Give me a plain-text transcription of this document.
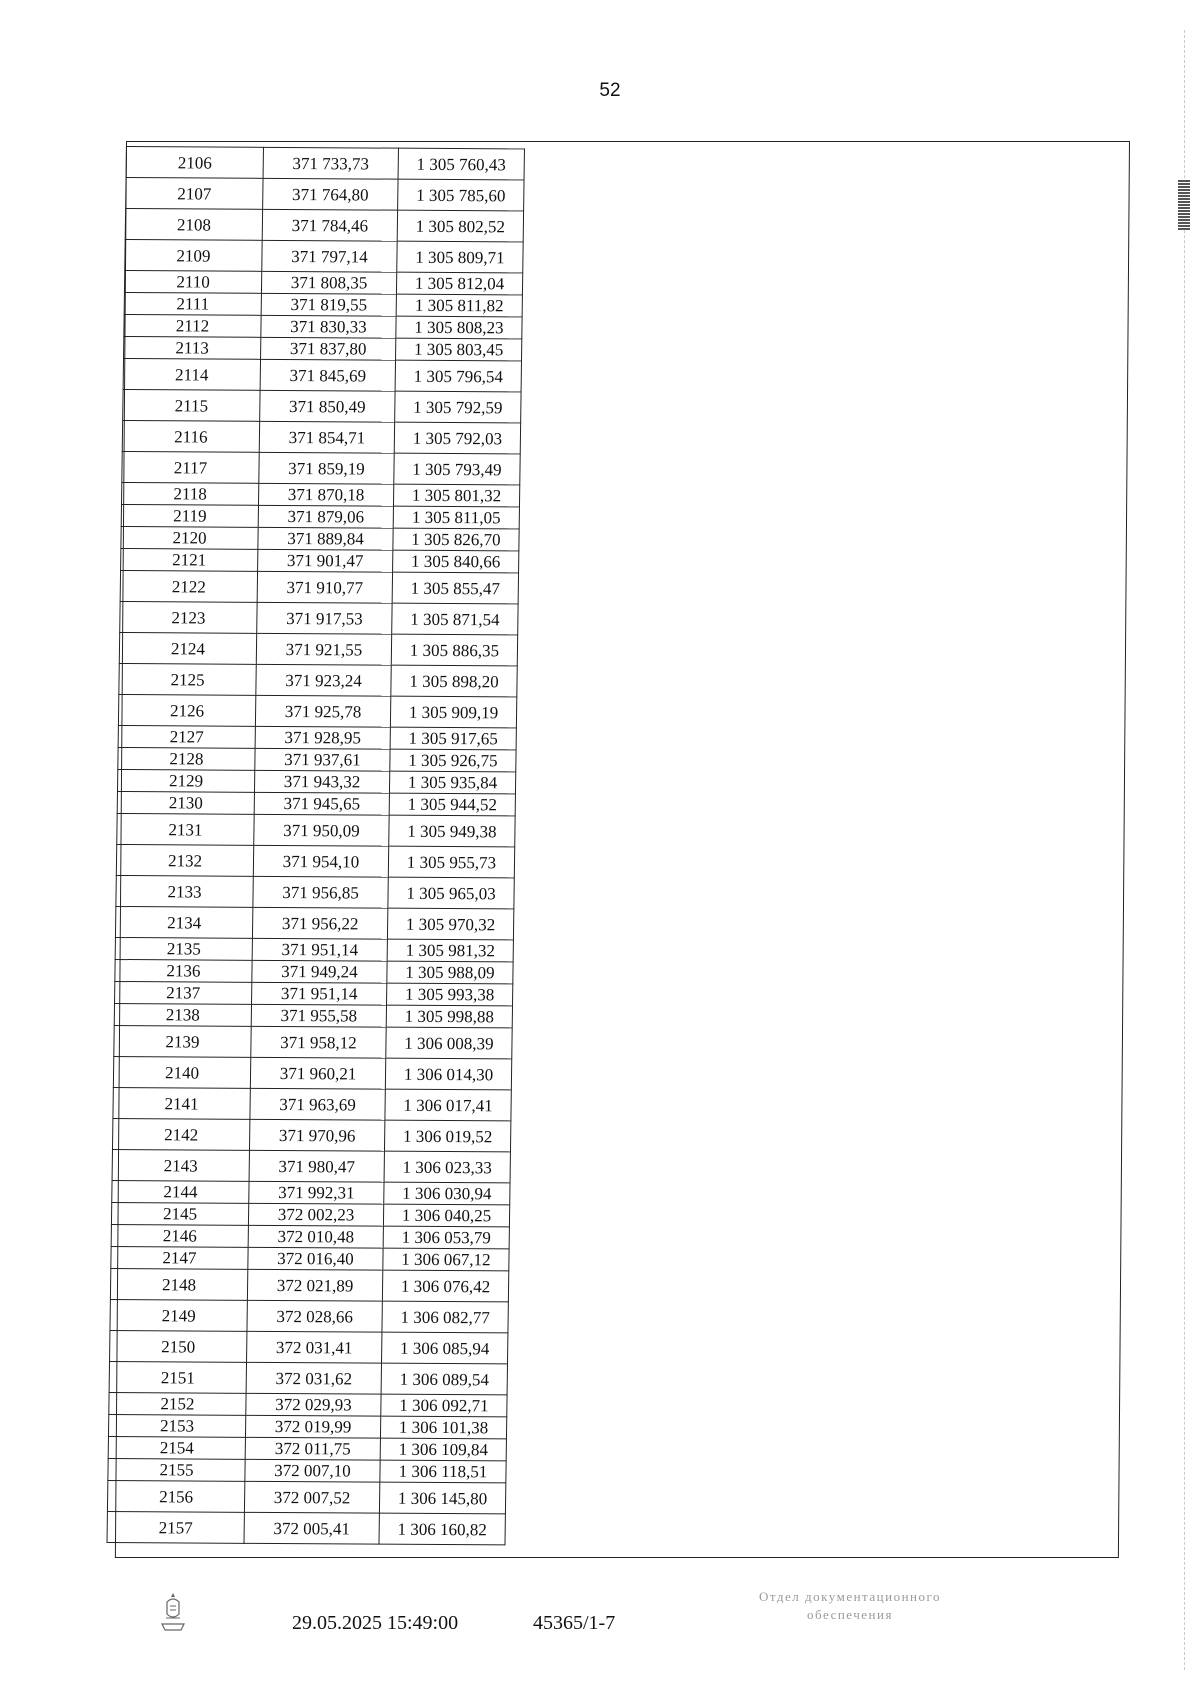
52
2106	371 733,73	1 305 760,43
2107	371 764,80	1 305 785,60
2108	371 784,46	1 305 802,52
2109	371 797,14	1 305 809,71
2110	371 808,35	1 305 812,04
2111	371 819,55	1 305 811,82
2112	371 830,33	1 305 808,23
2113	371 837,80	1 305 803,45
2114	371 845,69	1 305 796,54
2115	371 850,49	1 305 792,59
2116	371 854,71	1 305 792,03
2117	371 859,19	1 305 793,49
2118	371 870,18	1 305 801,32
2119	371 879,06	1 305 811,05
2120	371 889,84	1 305 826,70
2121	371 901,47	1 305 840,66
2122	371 910,77	1 305 855,47
2123	371 917,53	1 305 871,54
2124	371 921,55	1 305 886,35
2125	371 923,24	1 305 898,20
2126	371 925,78	1 305 909,19
2127	371 928,95	1 305 917,65
2128	371 937,61	1 305 926,75
2129	371 943,32	1 305 935,84
2130	371 945,65	1 305 944,52
2131	371 950,09	1 305 949,38
2132	371 954,10	1 305 955,73
2133	371 956,85	1 305 965,03
2134	371 956,22	1 305 970,32
2135	371 951,14	1 305 981,32
2136	371 949,24	1 305 988,09
2137	371 951,14	1 305 993,38
2138	371 955,58	1 305 998,88
2139	371 958,12	1 306 008,39
2140	371 960,21	1 306 014,30
2141	371 963,69	1 306 017,41
2142	371 970,96	1 306 019,52
2143	371 980,47	1 306 023,33
2144	371 992,31	1 306 030,94
2145	372 002,23	1 306 040,25
2146	372 010,48	1 306 053,79
2147	372 016,40	1 306 067,12
2148	372 021,89	1 306 076,42
2149	372 028,66	1 306 082,77
2150	372 031,41	1 306 085,94
2151	372 031,62	1 306 089,54
2152	372 029,93	1 306 092,71
2153	372 019,99	1 306 101,38
2154	372 011,75	1 306 109,84
2155	372 007,10	1 306 118,51
2156	372 007,52	1 306 145,80
2157	372 005,41	1 306 160,82
29.05.2025 15:49:00	45365/1-7
Отдел документационного
обеспечения
